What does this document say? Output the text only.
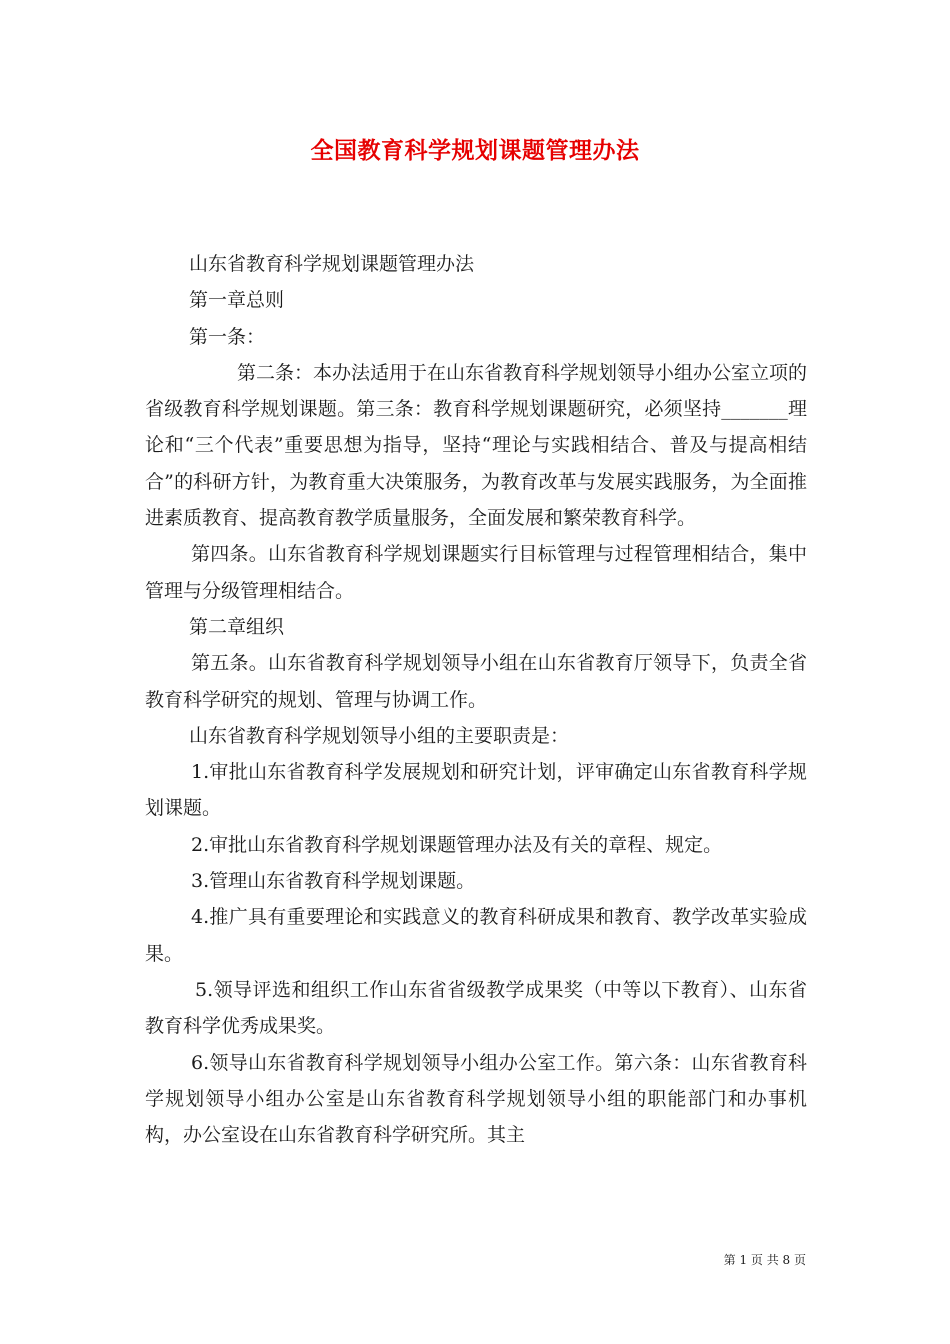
全国教育科学规划课题管理办法

山东省教育科学规划课题管理办法

第一章总则

第一条：

第二条：本办法适用于在山东省教育科学规划领导小组办公室立项的省级教育科学规划课题。第三条：教育科学规划课题研究，必须坚持_______理论和“三个代表”重要思想为指导，坚持“理论与实践相结合、普及与提高相结合”的科研方针，为教育重大决策服务，为教育改革与发展实践服务，为全面推进素质教育、提高教育教学质量服务，全面发展和繁荣教育科学。

第四条。山东省教育科学规划课题实行目标管理与过程管理相结合，集中管理与分级管理相结合。

第二章组织

第五条。山东省教育科学规划领导小组在山东省教育厅领导下，负责全省教育科学研究的规划、管理与协调工作。

山东省教育科学规划领导小组的主要职责是：

1.审批山东省教育科学发展规划和研究计划，评审确定山东省教育科学规划课题。

2.审批山东省教育科学规划课题管理办法及有关的章程、规定。

3.管理山东省教育科学规划课题。

4.推广具有重要理论和实践意义的教育科研成果和教育、教学改革实验成果。

5.领导评选和组织工作山东省省级教学成果奖（中等以下教育）、山东省教育科学优秀成果奖。

6.领导山东省教育科学规划领导小组办公室工作。第六条：山东省教育科学规划领导小组办公室是山东省教育科学规划领导小组的职能部门和办事机构，办公室设在山东省教育科学研究所。其主

第 1 页 共 8 页
